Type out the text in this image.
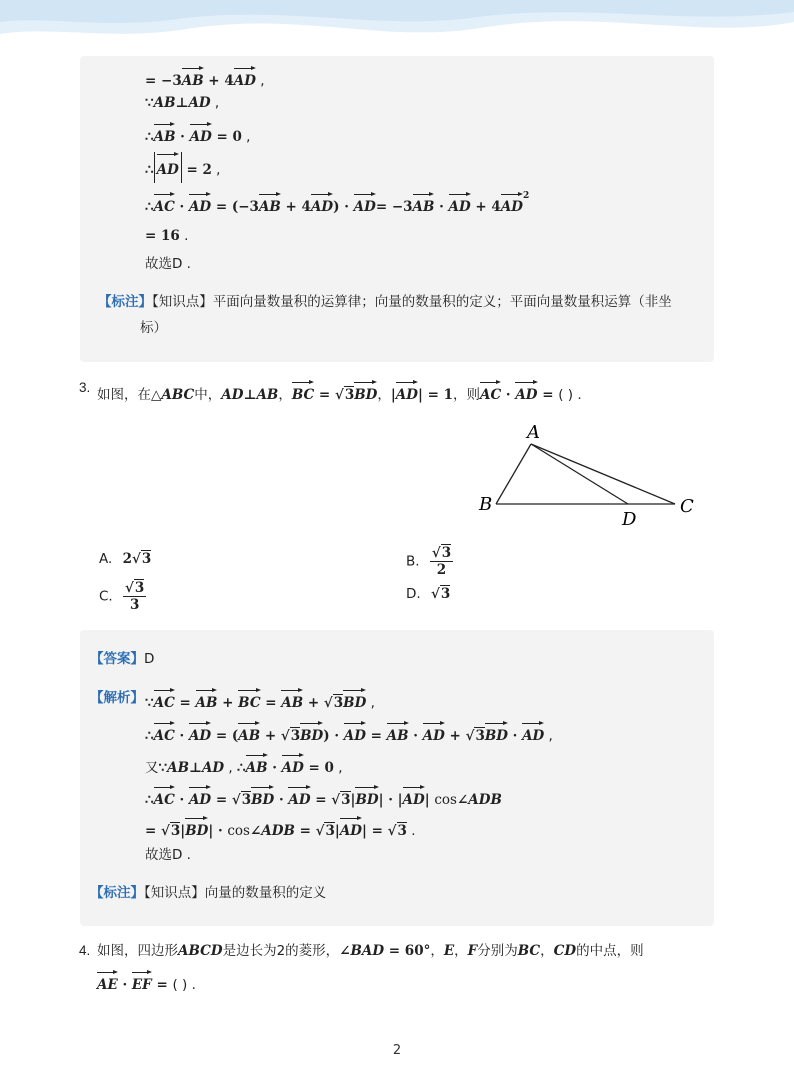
= −3AB + 4AD ,
∵AB⊥AD ,
∴AB · AD = 0 ,
∴ AD = 2 ,
∴AC · AD = (−3AB + 4AD) · AD= −3AB · AD + $4AD^2$
= 16 .
故选D .
【标注】【知识点】平面向量数量积的运算律；向量的数量积的定义；平面向量数量积运算（非坐
标）
3. 如图，在△ABC中，AD⊥AB，BC = √3BD，|AD| = 1，则AC · AD = ( ) .
A
B	C
D
A. 2√3	B. $\frac{√3}{2}$
C. $\frac{√3}{3}$	D. √3
【答案】D
【解析】 ∵AC = AB + BC = AB + √3BD ,
∴AC · AD = (AB + √3BD) · AD = AB · AD + √3BD · AD ,
又∵AB⊥AD , ∴AB · AD = 0 ,
∴AC · AD = √3BD · AD = √3|BD| · |AD| cos∠ADB
= √3|BD| · cos∠ADB = √3|AD| = √3 .
故选D .
【标注】【知识点】向量的数量积的定义
4. 如图，四边形ABCD是边长为2的菱形，∠BAD = 60°，E，F分别为BC，CD的中点，则
AE · EF = ( ) .
2
